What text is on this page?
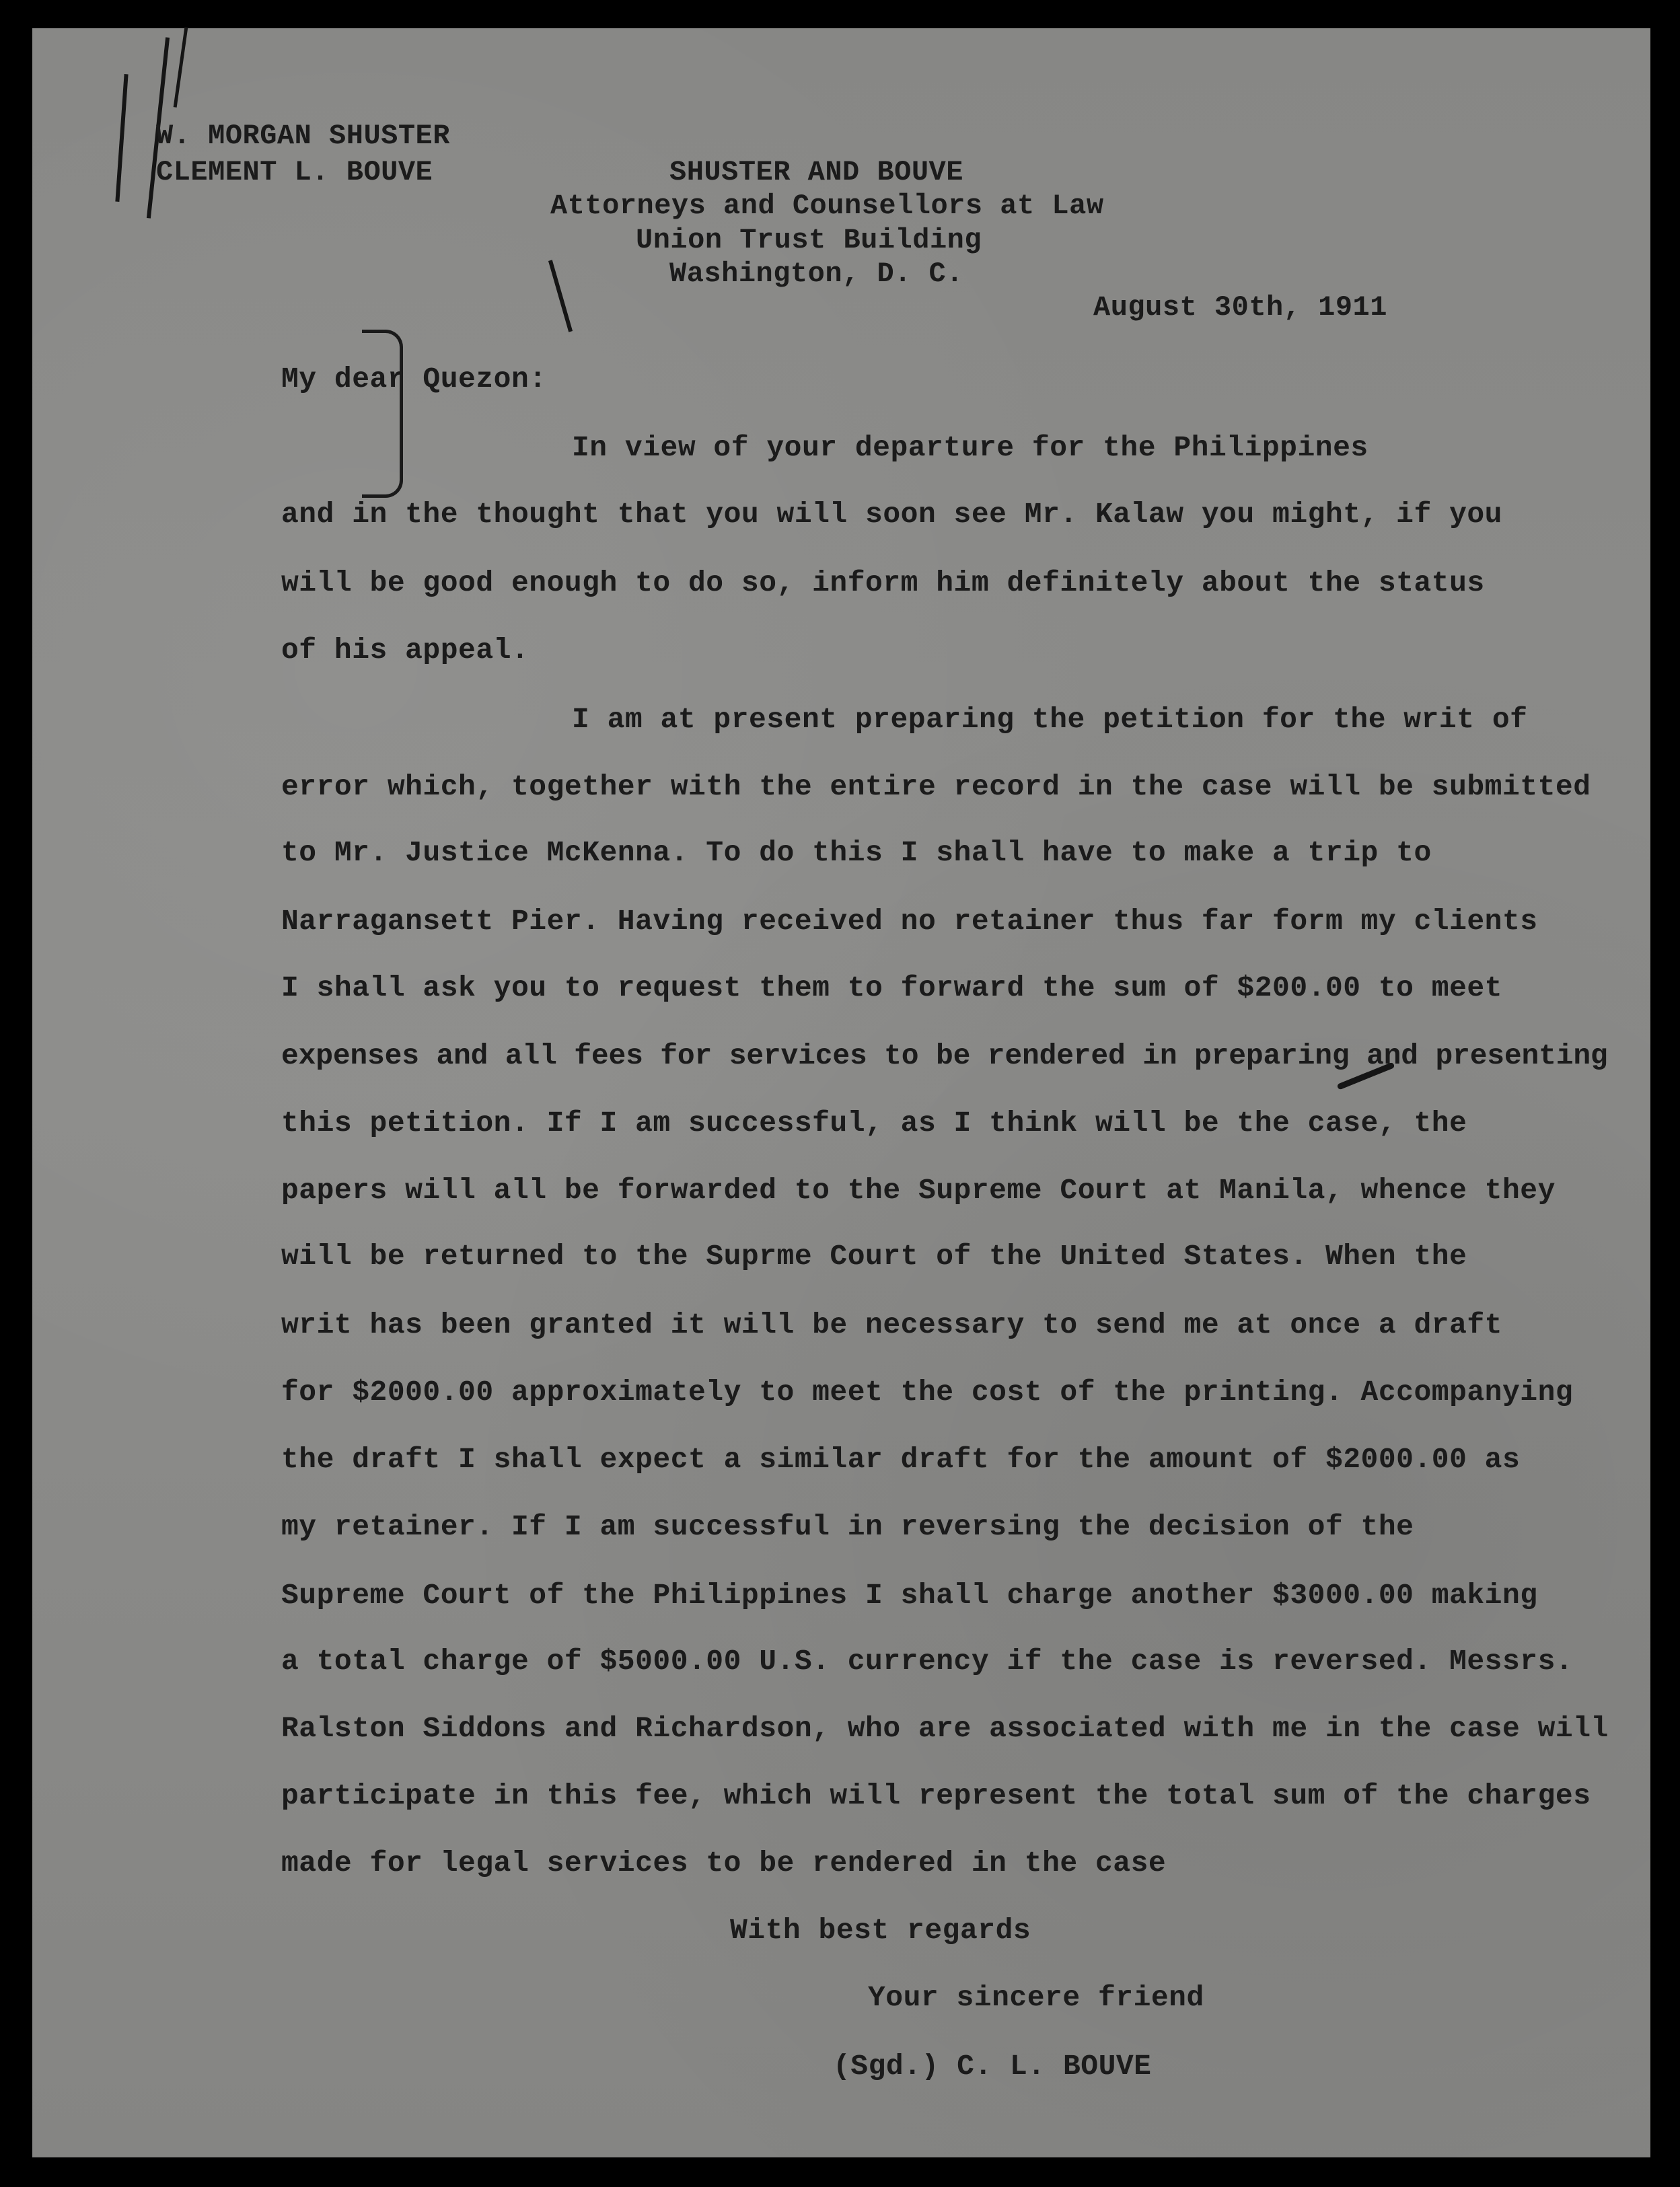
W. MORGAN SHUSTER
CLEMENT L. BOUVE	SHUSTER AND BOUVE
Attorneys and Counsellors at Law
Union Trust Building
Washington, D. C.
August 30th, 1911
My dear Quezon:
In view of your departure for the Philippines
and in the thought that you will soon see Mr. Kalaw you might, if you
will be good enough to do so, inform him definitely about the status
of his appeal.
I am at present preparing the petition for the writ of
error which, together with the entire record in the case will be submitted
to Mr. Justice McKenna. To do this I shall have to make a trip to
Narragansett Pier. Having received no retainer thus far form my clients
I shall ask you to request them to forward the sum of $200.00 to meet
expenses and all fees for services to be rendered in preparing and presenting
this petition. If I am successful, as I think will be the case, the
papers will all be forwarded to the Supreme Court at Manila, whence they
will be returned to the Suprme Court of the United States. When the
writ has been granted it will be necessary to send me at once a draft
for $2000.00 approximately to meet the cost of the printing. Accompanying
the draft I shall expect a similar draft for the amount of $2000.00 as
my retainer. If I am successful in reversing the decision of the
Supreme Court of the Philippines I shall charge another $3000.00 making
a total charge of $5000.00 U.S. currency if the case is reversed. Messrs.
Ralston Siddons and Richardson, who are associated with me in the case will
participate in this fee, which will represent the total sum of the charges
made for legal services to be rendered in the case
With best regards
Your sincere friend
(Sgd.) C. L. BOUVE
